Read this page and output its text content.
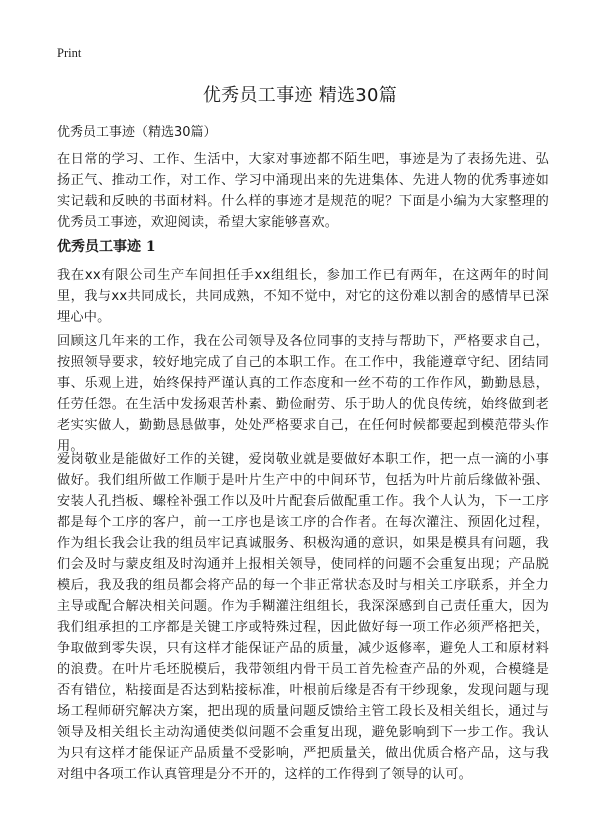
Print
优秀员工事迹 精选30篇
优秀员工事迹（精选30篇）

在日常的学习、工作、生活中，大家对事迹都不陌生吧，事迹是为了表扬先进、弘扬正气、推动工作，对工作、学习中涌现出来的先进集体、先进人物的优秀事迹如实记载和反映的书面材料。什么样的事迹才是规范的呢？下面是小编为大家整理的优秀员工事迹，欢迎阅读，希望大家能够喜欢。

优秀员工事迹 1

我在xx有限公司生产车间担任手xx组组长，参加工作已有两年，在这两年的时间里，我与xx共同成长，共同成熟，不知不觉中，对它的这份难以割舍的感情早已深埋心中。

回顾这几年来的工作，我在公司领导及各位同事的支持与帮助下，严格要求自己，按照领导要求，较好地完成了自己的本职工作。在工作中，我能遵章守纪、团结同事、乐观上进，始终保持严谨认真的工作态度和一丝不苟的工作作风，勤勤恳恳，任劳任怨。在生活中发扬艰苦朴素、勤俭耐劳、乐于助人的优良传统，始终做到老老实实做人，勤勤恳恳做事，处处严格要求自己，在任何时候都要起到模范带头作用。

爱岗敬业是能做好工作的关键，爱岗敬业就是要做好本职工作，把一点一滴的小事做好。我们组所做工作顺于是叶片生产中的中间环节，包括为叶片前后缘做补强、安装人孔挡板、螺栓补强工作以及叶片配套后做配重工作。我个人认为，下一工序都是每个工序的客户，前一工序也是该工序的合作者。在每次灌注、预固化过程，作为组长我会让我的组员牢记真诚服务、积极沟通的意识，如果是模具有问题，我们会及时与蒙皮组及时沟通并上报相关领导，使同样的问题不会重复出现；产品脱模后，我及我的组员都会将产品的每一个非正常状态及时与相关工序联系，并全力主导或配合解决相关问题。作为手糊灌注组组长，我深深感到自己责任重大，因为我们组承担的工序都是关键工序或特殊过程，因此做好每一项工作必须严格把关，争取做到零失误，只有这样才能保证产品的质量，减少返修率，避免人工和原材料的浪费。在叶片毛坯脱模后，我带领组内骨干员工首先检查产品的外观，合模缝是否有错位，粘接面是否达到粘接标准，叶根前后缘是否有干纱现象，发现问题与现场工程师研究解决方案，把出现的质量问题反馈给主管工段长及相关组长，通过与领导及相关组长主动沟通使类似问题不会重复出现，避免影响到下一步工作。我认为只有这样才能保证产品质量不受影响，严把质量关，做出优质合格产品，这与我对组中各项工作认真管理是分不开的，这样的工作得到了领导的认可。
